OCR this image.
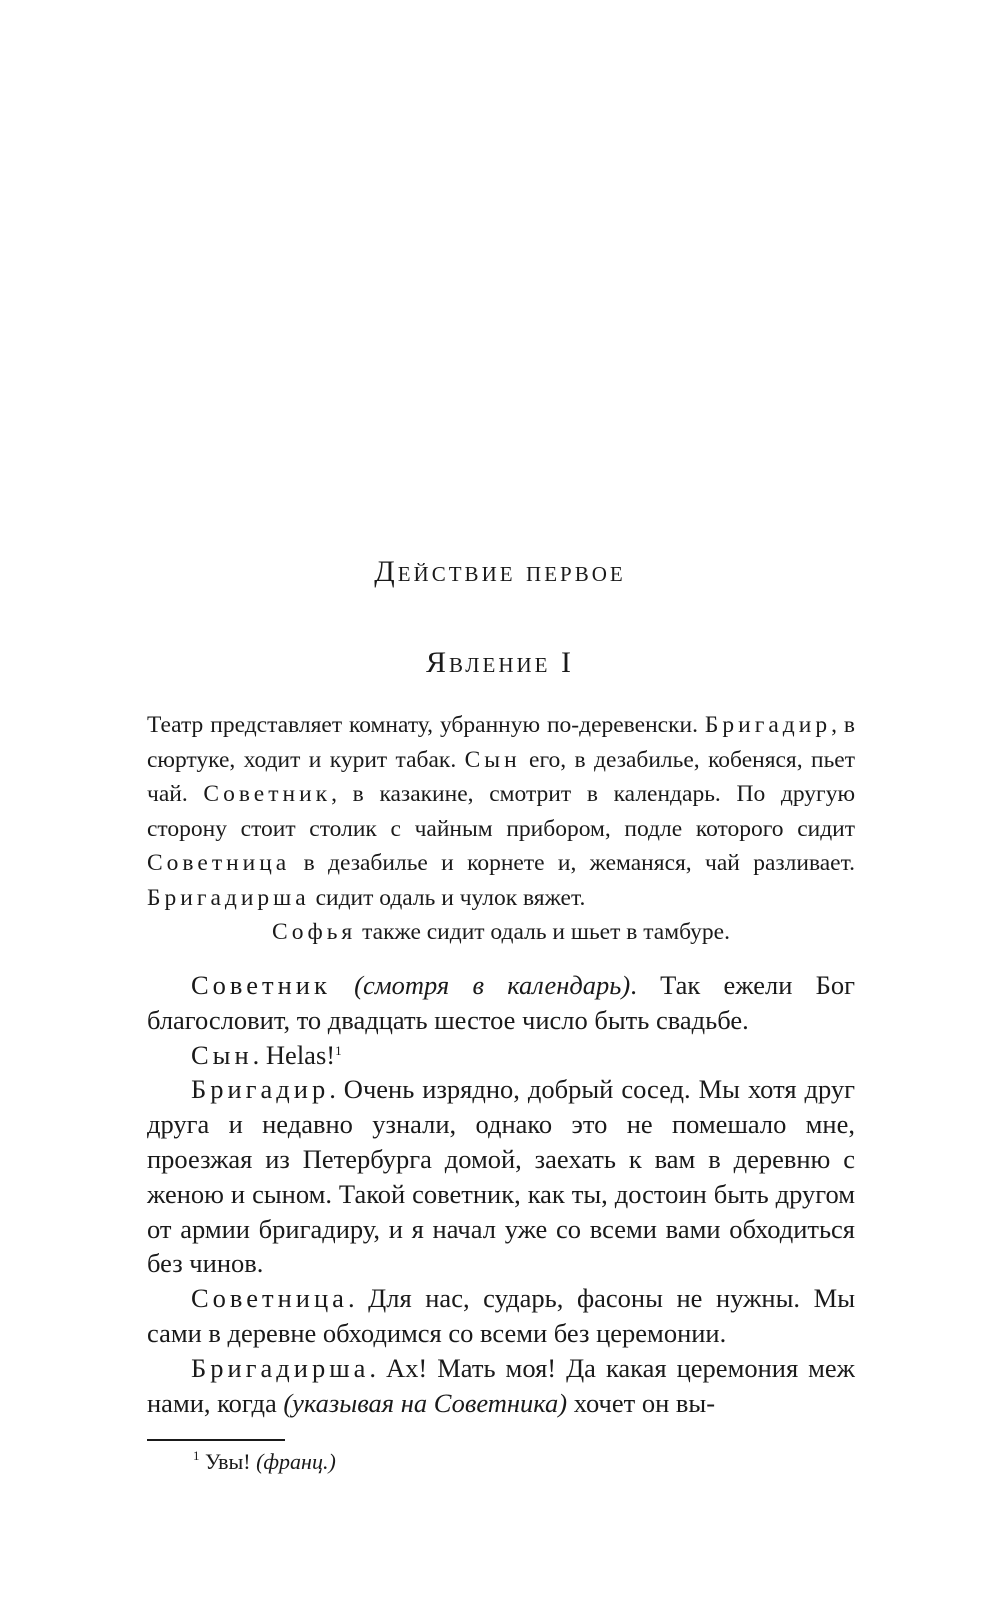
Действие первое
Явление I

Театр представляет комнату, убранную по-деревенски. Бригадир, в сюртуке, ходит и курит табак. Сын его, в дезабилье, кобеняся, пьет чай. Советник, в казакине, смотрит в календарь. По другую сторону стоит столик с чайным прибором, подле которого сидит Советница в дезабилье и корнете и, жеманяся, чай разливает. Бригадирша сидит одаль и чулок вяжет.

Софья также сидит одаль и шьет в тамбуре.

Советник (смотря в календарь). Так ежели Бог благословит, то двадцать шестое число быть свадьбе.

Сын. Helas!$^1$

Бригадир. Очень изрядно, добрый сосед. Мы хотя друг друга и недавно узнали, однако это не помешало мне, проезжая из Петербурга домой, заехать к вам в деревню с женою и сыном. Такой советник, как ты, достоин быть другом от армии бригадиру, и я начал уже со всеми вами обходиться без чинов.

Советница. Для нас, сударь, фасоны не нужны. Мы сами в деревне обходимся со всеми без церемонии.

Бригадирша. Ах! Мать моя! Да какая церемония меж нами, когда (указывая на Советника) хочет он вы-

$^1$ Увы! (франц.)
